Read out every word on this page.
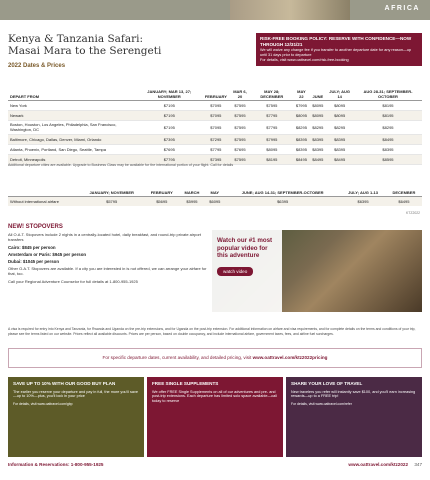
AFRICA
Kenya & Tanzania Safari:
Masai Mara to the Serengeti
2022 Dates & Prices
RISK-FREE BOOKING POLICY: RESERVE WITH CONFIDENCE—NOW THROUGH 12/31/21
We will waive any change fee if you transfer to another departure date for any reason—up until 31 days prior to departure
For details, visit www.oattravel.com/risk-free-booking
DEPART FROM	JANUARY; MAR 13, 27; NOVEMBER	FEBRUARY	MAR 6, 20	MAY 28; DECEMBER	MAY 22	JUNE	JULY; AUG 14	AUG 28-31; SEPTEMBER-OCTOBER
New York	$7195	$7095	$7595	$7595	$7995	$8095	$8095	$8195
Newark	$7195	$7095	$7595	$7795	$8095	$8095	$8095	$8195
Boston, Houston, Los Angeles, Philadelphia, San Francisco, Washington, DC	$7195	$7095	$7595	$7795	$8295	$8295	$8295	$8295
Baltimore, Chicago, Dallas, Denver, Miami, Orlando	$7395	$7295	$7595	$7995	$8395	$8395	$8395	$8495
Atlanta, Phoenix, Portland, San Diego, Seattle, Tampa	$7695	$7795	$7695	$8095	$8395	$8395	$8395	$8395
Detroit, Minneapolis	$7795	$7395	$7595	$8195	$8495	$8495	$8495	$8595
Additional departure cities are available. Upgrade to Business Class may be available for the international portion of your flight. Call for details
	JANUARY; NOVEMBER	FEBRUARY	MARCH	MAY	JUNE; AUG 14-31; SEPTEMBER-OCTOBER	JULY; AUG 1-13	DECEMBER
Without international airfare	$5795	$5695	$5995	$6095	$6395	$6395	$6495
KTZ2022
NEW! STOPOVERS
All O.A.T. Stopovers include 2 nights in a centrally-located hotel, daily breakfast, and round-trip private airport transfers
Cairo: $845 per person
Amsterdam or Paris: $945 per person
Dubai: $1045 per person
Other O.A.T. Stopovers are available. If a city you are interested in is not offered, we can arrange your airfare for that, too.
Call your Regional Adventure Counselor for full details at 1-800-955-1925
Watch our #1 most popular video for this adventure
watch video
A visa is required for entry into Kenya and Tanzania, for Rwanda and Uganda on the pre-trip extensions, and for Uganda on the post-trip extension. For additional information on airfare and visa requirements, and for complete details on the terms and conditions of your trip, please see the terms listed on our website. Prices reflect all available discounts. Prices are per person, based on double occupancy, and include international airfare, government taxes, fees, and airline fuel surcharges.
For specific departure dates, current availability, and detailed pricing, visit www.oattravel.com/ktz2022pricing
SAVE UP TO 10% WITH OUR GOOD BUY PLAN
The earlier you reserve your departure and pay in full, the more you'll save—up to 10%—plus, you'll lock in your price
For details, visit www.oattravel.com/gbp
FREE SINGLE SUPPLEMENTS
We offer FREE Single Supplements on all of our adventures and pre- and post-trip extensions. Each departure has limited solo space available—call today to reserve
SHARE YOUR LOVE OF TRAVEL
New travelers you refer will instantly save $100, and you'll earn increasing rewards—up to a FREE trip!
For details, visit www.oattravel.com/refer
Information & Reservations: 1-800-955-1925	www.oattravel.com/ktz2022 347
